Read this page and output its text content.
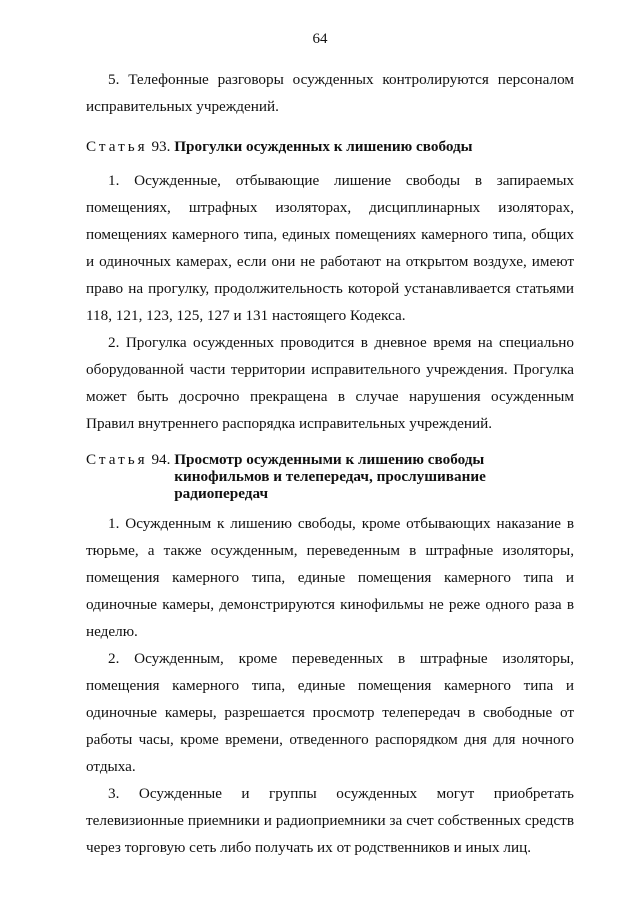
64

5. Телефонные разговоры осужденных контролируются персоналом исправительных учреждений.

Статья 93. Прогулки осужденных к лишению свободы

1. Осужденные, отбывающие лишение свободы в запираемых помещениях, штрафных изоляторах, дисциплинарных изоляторах, помещениях камерного типа, единых помещениях камерного типа, общих и одиночных камерах, если они не работают на открытом воздухе, имеют право на прогулку, продолжительность которой устанавливается статьями 118, 121, 123, 125, 127 и 131 настоящего Кодекса.

2. Прогулка осужденных проводится в дневное время на специально оборудованной части территории исправительного учреждения. Прогулка может быть досрочно прекращена в случае нарушения осужденным Правил внутреннего распорядка исправительных учреждений.

Статья 94. Просмотр осужденными к лишению свободы
кинофильмов и телепередач, прослушивание
радиопередач

1. Осужденным к лишению свободы, кроме отбывающих наказание в тюрьме, а также осужденным, переведенным в штрафные изоляторы, помещения камерного типа, единые помещения камерного типа и одиночные камеры, демонстрируются кинофильмы не реже одного раза в неделю.

2. Осужденным, кроме переведенных в штрафные изоляторы, помещения камерного типа, единые помещения камерного типа и одиночные камеры, разрешается просмотр телепередач в свободные от работы часы, кроме времени, отведенного распорядком дня для ночного отдыха.

3. Осужденные и группы осужденных могут приобретать телевизионные приемники и радиоприемники за счет собственных средств через торговую сеть либо получать их от родственников и иных лиц.
